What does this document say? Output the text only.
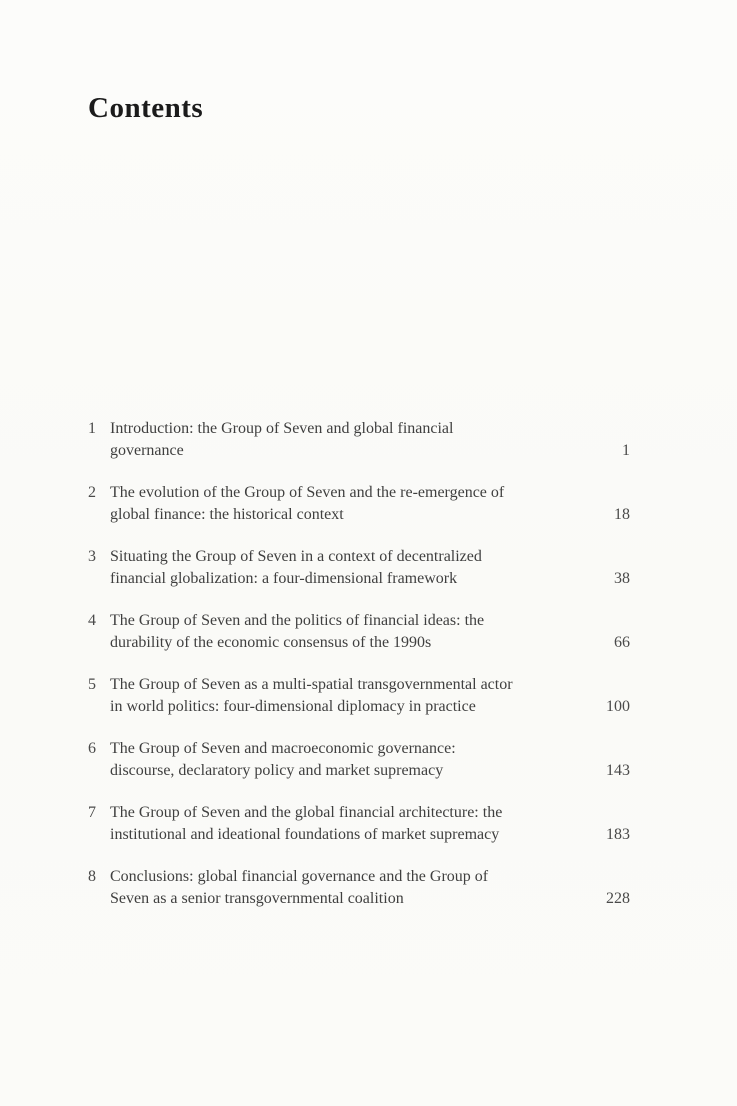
Contents
1 Introduction: the Group of Seven and global financial
governance	1
2 The evolution of the Group of Seven and the re-emergence of
global finance: the historical context	18
3 Situating the Group of Seven in a context of decentralized
financial globalization: a four-dimensional framework	38
4 The Group of Seven and the politics of financial ideas: the
durability of the economic consensus of the 1990s	66
5 The Group of Seven as a multi-spatial transgovernmental actor
in world politics: four-dimensional diplomacy in practice	100
6 The Group of Seven and macroeconomic governance:
discourse, declaratory policy and market supremacy	143
7 The Group of Seven and the global financial architecture: the
institutional and ideational foundations of market supremacy	183
8 Conclusions: global financial governance and the Group of
Seven as a senior transgovernmental coalition	228
